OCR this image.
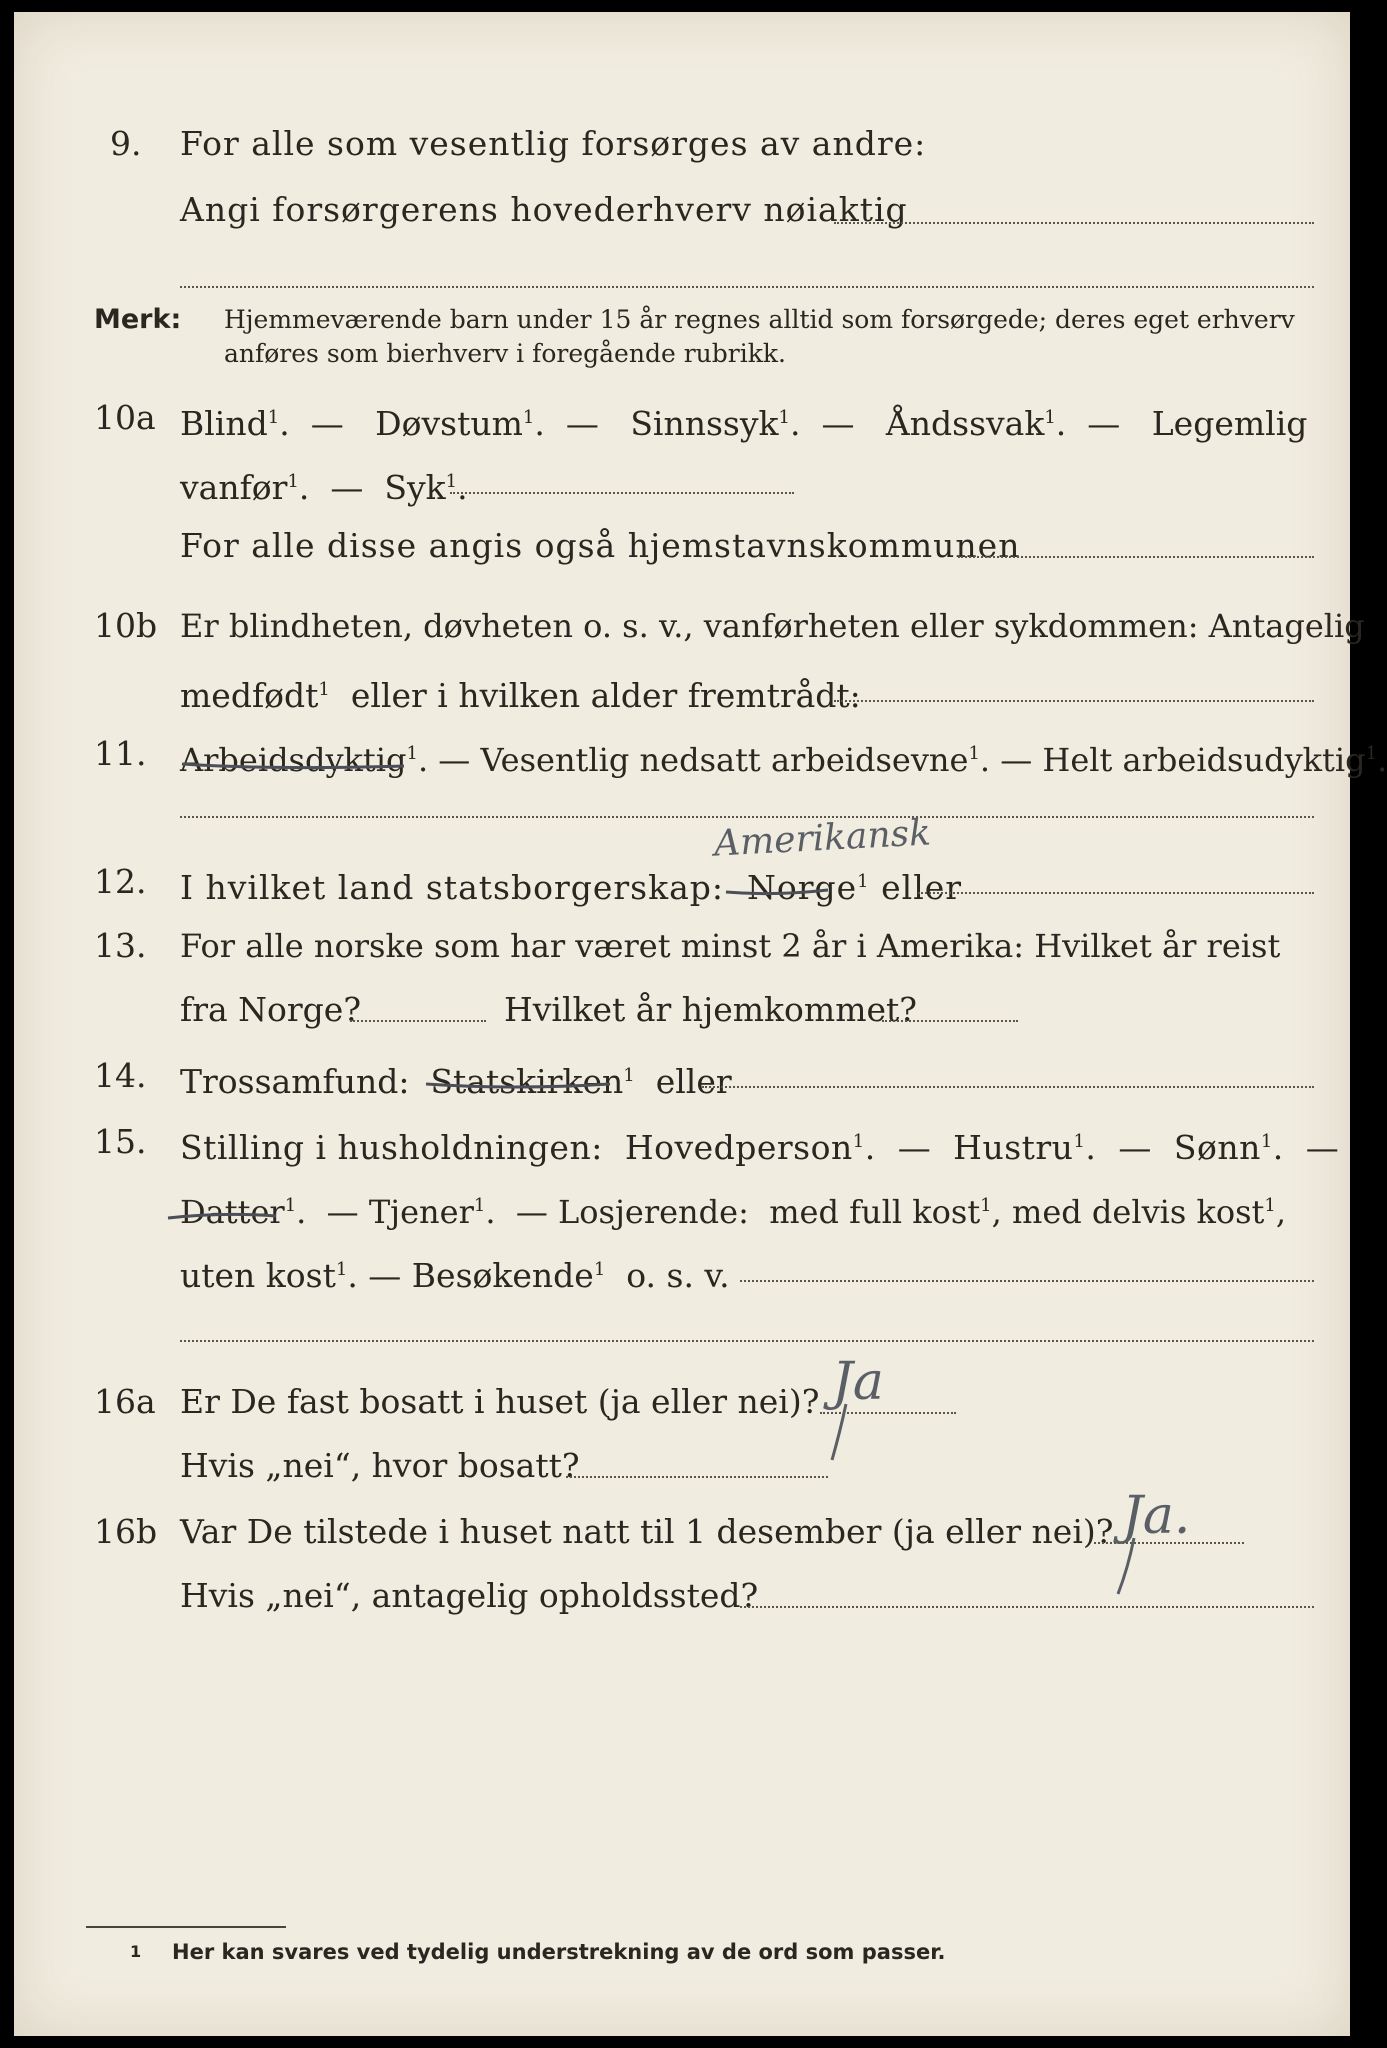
9. For alle som vesentlig forsørges av andre:
Angi forsørgerens hovederhverv nøiaktig
Merk: Hjemmeværende barn under 15 år regnes alltid som forsørgede; deres eget erhverv
anføres som bierhverv i foregående rubrikk.
10a Blind$^1$.  — Døvstum$^1$.  — Sinnssyk$^1$.  — Åndssvak$^1$.  — Legemlig
vanfør$^1$.  — Syk$^1$.
For alle disse angis også hjemstavnskommunen
10b Er blindheten, døvheten o. s. v., vanførheten eller sykdommen: Antagelig
medfødt$^1$ eller i hvilken alder fremtrådt:
11. Arbeidsdyktig$^1$. — Vesentlig nedsatt arbeidsevne$^1$. — Helt arbeidsudyktig$^1$.
12. I hvilket land statsborgerskap: Norge$^1$ eller
Amerikansk
13. For alle norske som har været minst 2 år i Amerika: Hvilket år reist
fra Norge?	Hvilket år hjemkommet?
14. Trossamfund: Statskirken$^1$ eller
15. Stilling i husholdningen: Hovedperson$^1$.  — Hustru$^1$.  — Sønn$^1$.  —
Datter$^1$.  — Tjener$^1$.  — Losjerende: med full kost$^1$, med delvis kost$^1$,
uten kost$^1$. — Besøkende$^1$ o. s. v.
16a Er De fast bosatt i huset (ja eller nei)? Ja
Hvis „nei“, hvor bosatt?
16b Var De tilstede i huset natt til 1 desember (ja eller nei)? Ja.
Hvis „nei“, antagelig opholdssted?
1 Her kan svares ved tydelig understrekning av de ord som passer.
